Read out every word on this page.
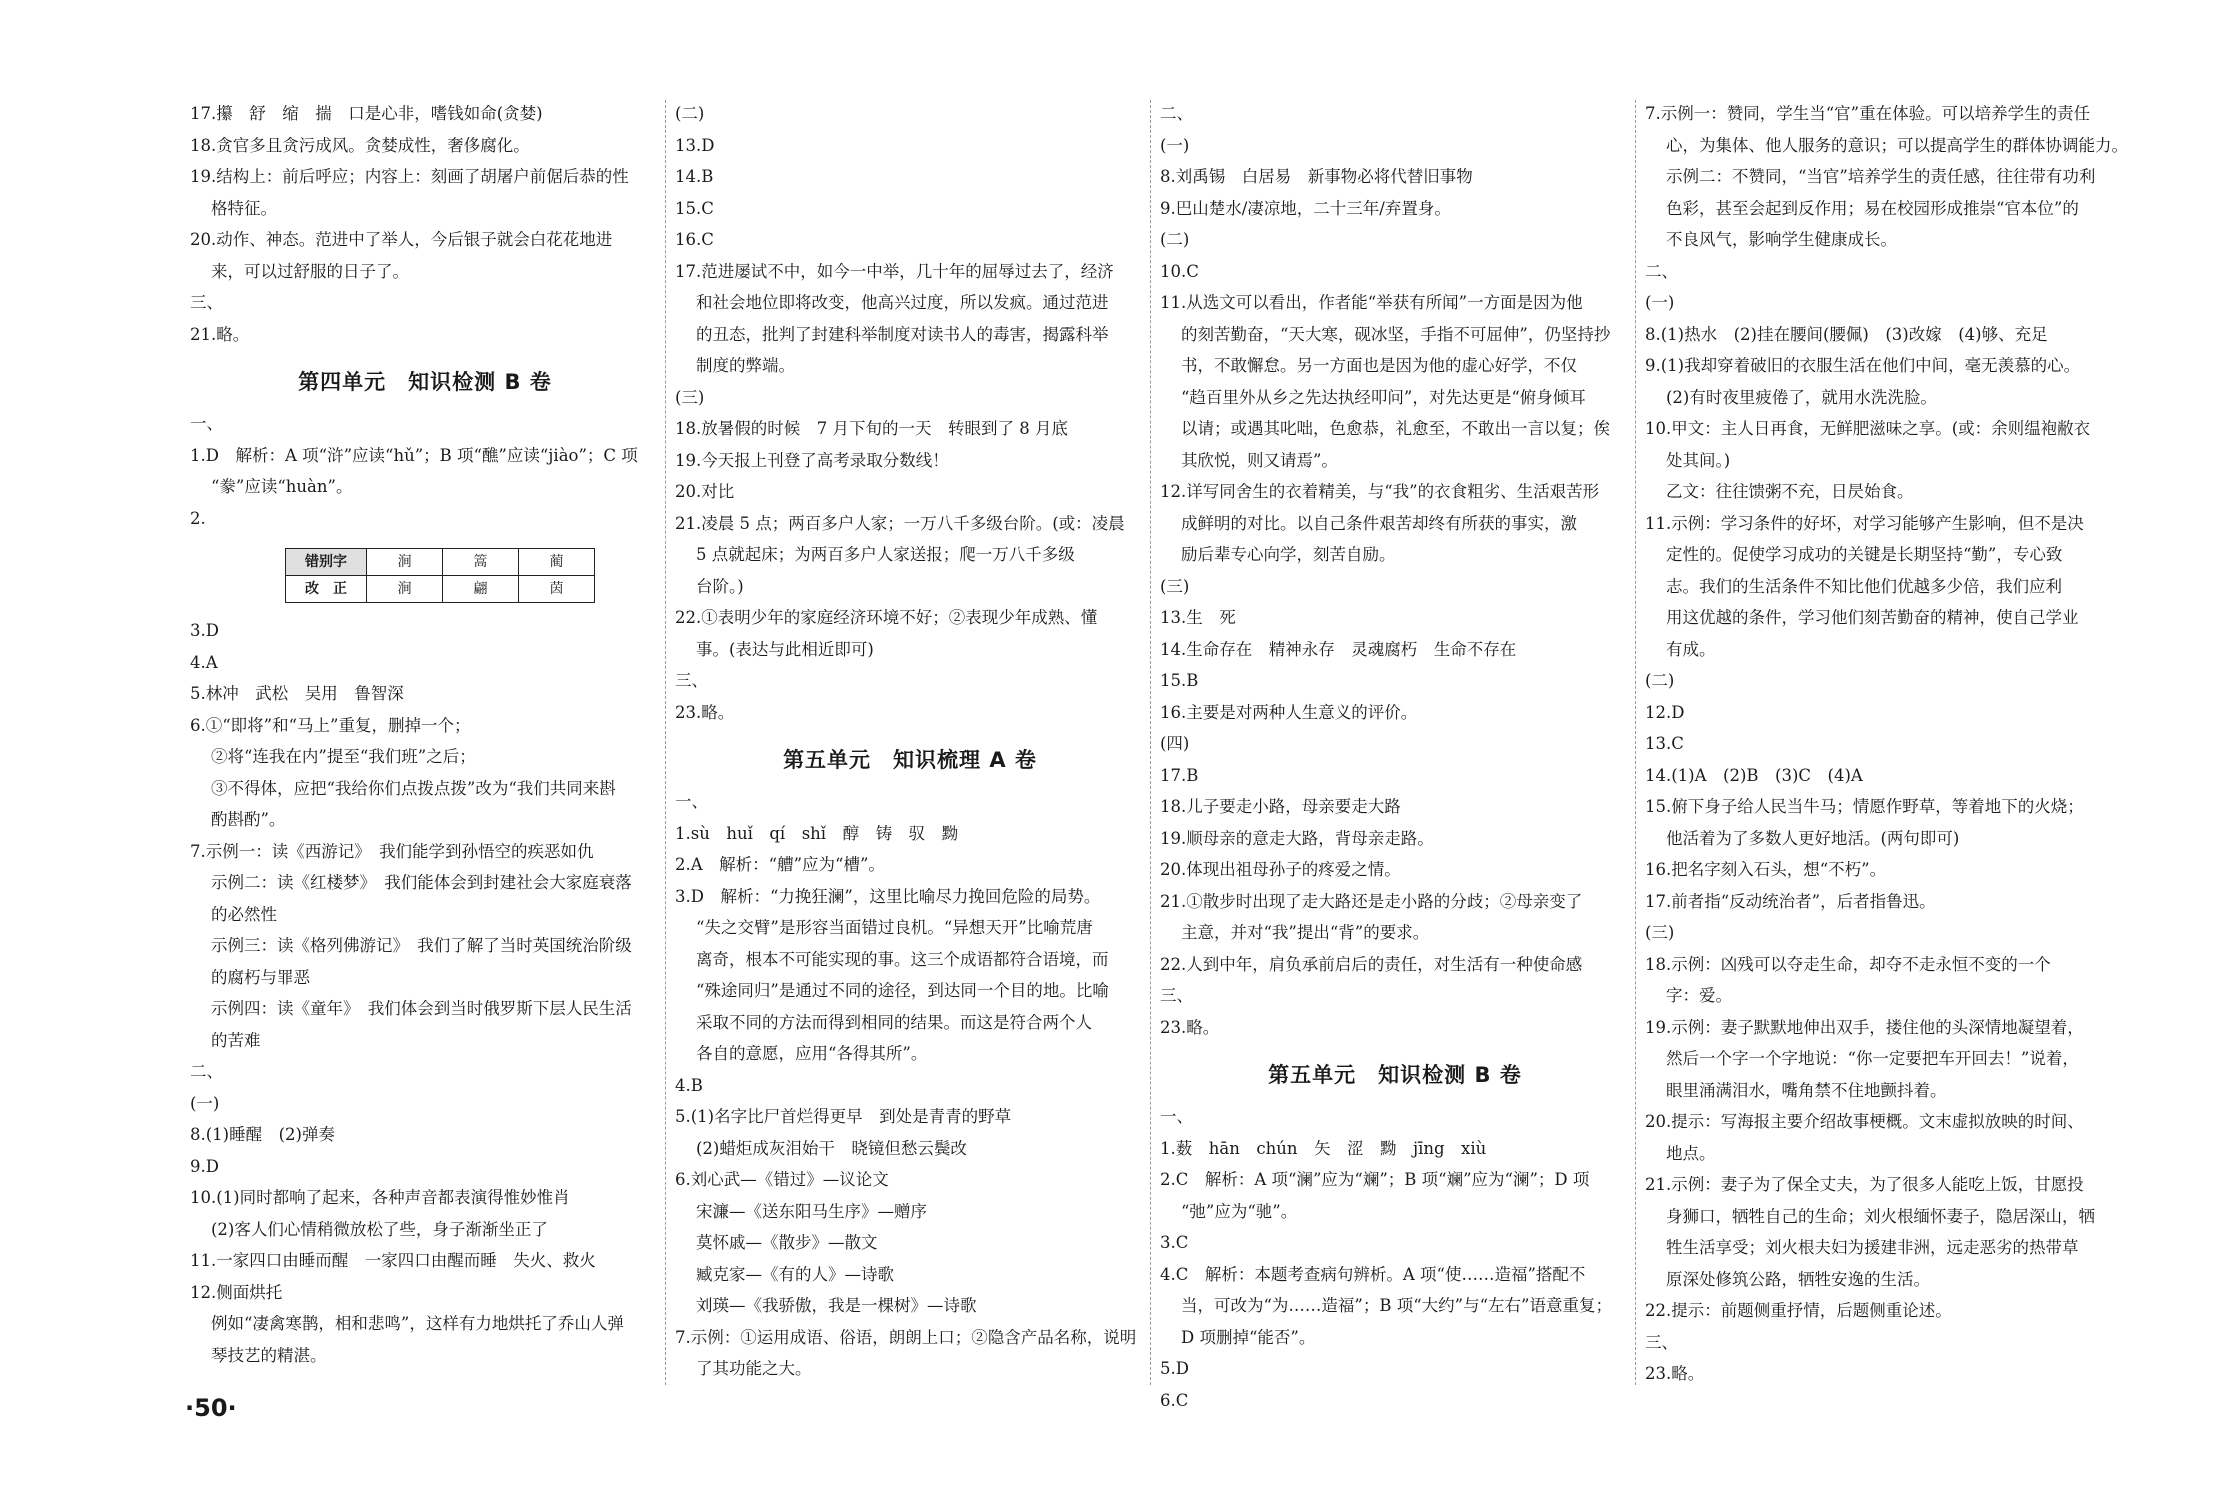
17.攥　舒　缩　揣　口是心非，嗜钱如命(贪婪)

18.贪官多且贪污成风。贪婪成性，奢侈腐化。

19.结构上：前后呼应；内容上：刻画了胡屠户前倨后恭的性

格特征。

20.动作、神态。范进中了举人，今后银子就会白花花地进

来，可以过舒服的日子了。

三、

21.略。

第四单元　知识检测 B 卷

一、

1.D　解析：A 项“浒”应读“hǔ”；B 项“醮”应读“jiào”；C 项

“豢”应读“huàn”。

2.

错别字	涧	篙	蔺
改　正	涧	翩	茵

3.D

4.A

5.林冲　武松　吴用　鲁智深

6.①“即将”和“马上”重复，删掉一个；

②将“连我在内”提至“我们班”之后；

③不得体，应把“我给你们点拨点拨”改为“我们共同来斟

酌斟酌”。

7.示例一：读《西游记》　我们能学到孙悟空的疾恶如仇

示例二：读《红楼梦》　我们能体会到封建社会大家庭衰落

的必然性

示例三：读《格列佛游记》　我们了解了当时英国统治阶级

的腐朽与罪恶

示例四：读《童年》　我们体会到当时俄罗斯下层人民生活

的苦难

二、

(一)

8.(1)睡醒　(2)弹奏

9.D

10.(1)同时都响了起来，各种声音都表演得惟妙惟肖

(2)客人们心情稍微放松了些，身子渐渐坐正了

11.一家四口由睡而醒　一家四口由醒而睡　失火、救火

12.侧面烘托

例如“凄禽寒鹊，相和悲鸣”，这样有力地烘托了乔山人弹

琴技艺的精湛。

(二)

13.D

14.B

15.C

16.C

17.范进屡试不中，如今一中举，几十年的屈辱过去了，经济

和社会地位即将改变，他高兴过度，所以发疯。通过范进

的丑态，批判了封建科举制度对读书人的毒害，揭露科举

制度的弊端。

(三)

18.放暑假的时候　7 月下旬的一天　转眼到了 8 月底

19.今天报上刊登了高考录取分数线！

20.对比

21.凌晨 5 点；两百多户人家；一万八千多级台阶。(或：凌晨

5 点就起床；为两百多户人家送报；爬一万八千多级

台阶。)

22.①表明少年的家庭经济环境不好；②表现少年成熟、懂

事。(表达与此相近即可)

三、

23.略。

第五单元　知识梳理 A 卷

一、

1.sù　huǐ　qí　shǐ　醇　铸　驭　黝

2.A　解析：“艚”应为“槽”。

3.D　解析：“力挽狂澜”，这里比喻尽力挽回危险的局势。

“失之交臂”是形容当面错过良机。“异想天开”比喻荒唐

离奇，根本不可能实现的事。这三个成语都符合语境，而

“殊途同归”是通过不同的途径，到达同一个目的地。比喻

采取不同的方法而得到相同的结果。而这是符合两个人

各自的意愿，应用“各得其所”。

4.B

5.(1)名字比尸首烂得更早　到处是青青的野草

(2)蜡炬成灰泪始干　晓镜但愁云鬓改

6.刘心武—《错过》—议论文

宋濂—《送东阳马生序》—赠序

莫怀戚—《散步》—散文

臧克家—《有的人》—诗歌

刘瑛—《我骄傲，我是一棵树》—诗歌

7.示例：①运用成语、俗语，朗朗上口；②隐含产品名称，说明

了其功能之大。

二、

(一)

8.刘禹锡　白居易　新事物必将代替旧事物

9.巴山楚水/凄凉地，二十三年/弃置身。

(二)

10.C

11.从选文可以看出，作者能“举获有所闻”一方面是因为他

的刻苦勤奋，“天大寒，砚冰坚，手指不可屈伸”，仍坚持抄

书，不敢懈怠。另一方面也是因为他的虚心好学，不仅

“趋百里外从乡之先达执经叩问”，对先达更是“俯身倾耳

以请；或遇其叱咄，色愈恭，礼愈至，不敢出一言以复；俟

其欣悦，则又请焉”。

12.详写同舍生的衣着精美，与“我”的衣食粗劣、生活艰苦形

成鲜明的对比。以自己条件艰苦却终有所获的事实，激

励后辈专心向学，刻苦自励。

(三)

13.生　死

14.生命存在　精神永存　灵魂腐朽　生命不存在

15.B

16.主要是对两种人生意义的评价。

(四)

17.B

18.儿子要走小路，母亲要走大路

19.顺母亲的意走大路，背母亲走路。

20.体现出祖母孙子的疼爱之情。

21.①散步时出现了走大路还是走小路的分歧；②母亲变了

主意，并对“我”提出“背”的要求。

22.人到中年，肩负承前启后的责任，对生活有一种使命感

三、

23.略。

第五单元　知识检测 B 卷

一、

1.薮　hān　chún　矢　涩　黝　jīng　xiù

2.C　解析：A 项“澜”应为“斓”；B 项“斓”应为“澜”；D 项

“弛”应为“驰”。

3.C

4.C　解析：本题考查病句辨析。A 项“使……造福”搭配不

当，可改为“为……造福”；B 项“大约”与“左右”语意重复；

D 项删掉“能否”。

5.D

6.C

7.示例一：赞同，学生当“官”重在体验。可以培养学生的责任

心，为集体、他人服务的意识；可以提高学生的群体协调能力。

示例二：不赞同，“当官”培养学生的责任感，往往带有功利

色彩，甚至会起到反作用；易在校园形成推崇“官本位”的

不良风气，影响学生健康成长。

二、

(一)

8.(1)热水　(2)挂在腰间(腰佩)　(3)改嫁　(4)够、充足

9.(1)我却穿着破旧的衣服生活在他们中间，毫无羡慕的心。

(2)有时夜里疲倦了，就用水洗洗脸。

10.甲文：主人日再食，无鲜肥滋味之享。(或：余则缊袍敝衣

处其间。)

乙文：往往馈粥不充，日昃始食。

11.示例：学习条件的好坏，对学习能够产生影响，但不是决

定性的。促使学习成功的关键是长期坚持“勤”，专心致

志。我们的生活条件不知比他们优越多少倍，我们应利

用这优越的条件，学习他们刻苦勤奋的精神，使自己学业

有成。

(二)

12.D

13.C

14.(1)A　(2)B　(3)C　(4)A

15.俯下身子给人民当牛马；情愿作野草，等着地下的火烧；

他活着为了多数人更好地活。(两句即可)

16.把名字刻入石头，想“不朽”。

17.前者指“反动统治者”，后者指鲁迅。

(三)

18.示例：凶残可以夺走生命，却夺不走永恒不变的一个

字：爱。

19.示例：妻子默默地伸出双手，搂住他的头深情地凝望着，

然后一个字一个字地说：“你一定要把车开回去！”说着，

眼里涌满泪水，嘴角禁不住地颤抖着。

20.提示：写海报主要介绍故事梗概。文末虚拟放映的时间、

地点。

21.示例：妻子为了保全丈夫，为了很多人能吃上饭，甘愿投

身狮口，牺牲自己的生命；刘火根缅怀妻子，隐居深山，牺

牲生活享受；刘火根夫妇为援建非洲，远走恶劣的热带草

原深处修筑公路，牺牲安逸的生活。

22.提示：前题侧重抒情，后题侧重论述。

三、

23.略。

·50·
